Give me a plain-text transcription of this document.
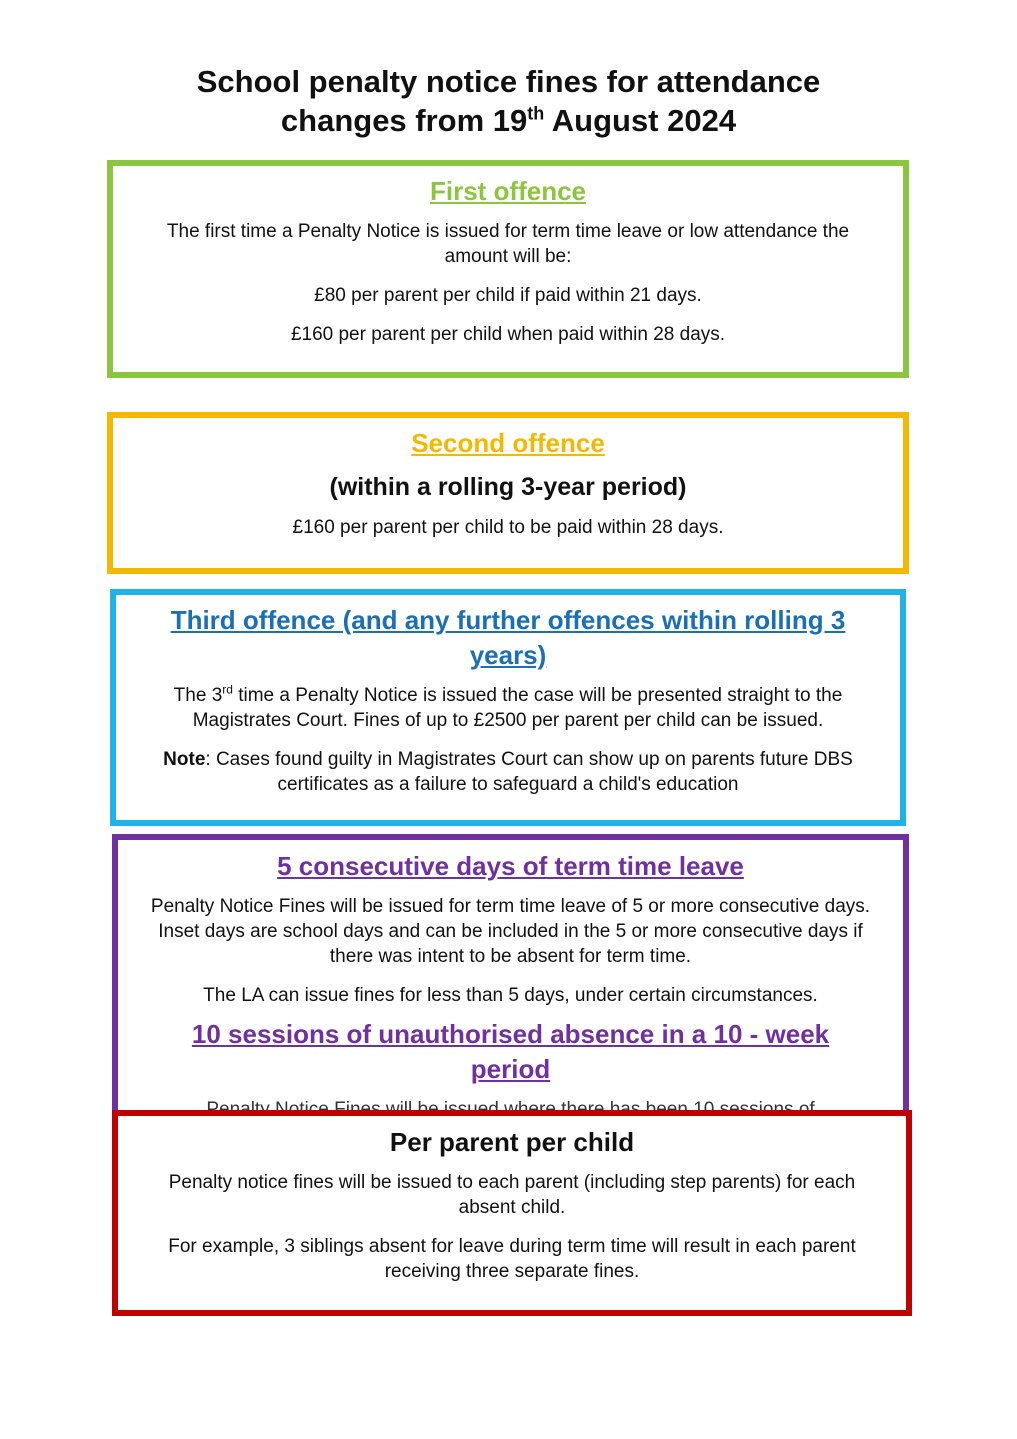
School penalty notice fines for attendance
changes from 19th August 2024
First offence

The first time a Penalty Notice is issued for term time leave or low attendance the amount will be:

£80 per parent per child if paid within 21 days.

£160 per parent per child when paid within 28 days.

Second offence
(within a rolling 3-year period)

£160 per parent per child to be paid within 28 days.

Third offence (and any further offences within rolling 3 years)

The 3rd time a Penalty Notice is issued the case will be presented straight to the Magistrates Court. Fines of up to £2500 per parent per child can be issued.

Note: Cases found guilty in Magistrates Court can show up on parents future DBS certificates as a failure to safeguard a child's education

5 consecutive days of term time leave

Penalty Notice Fines will be issued for term time leave of 5 or more consecutive days. Inset days are school days and can be included in the 5 or more consecutive days if there was intent to be absent for term time.

The LA can issue fines for less than 5 days, under certain circumstances.

10 sessions of unauthorised absence in a 10 - week period

Per parent per child

Penalty notice fines will be issued to each parent (including step parents) for each absent child.

For example, 3 siblings absent for leave during term time will result in each parent receiving three separate fines.
